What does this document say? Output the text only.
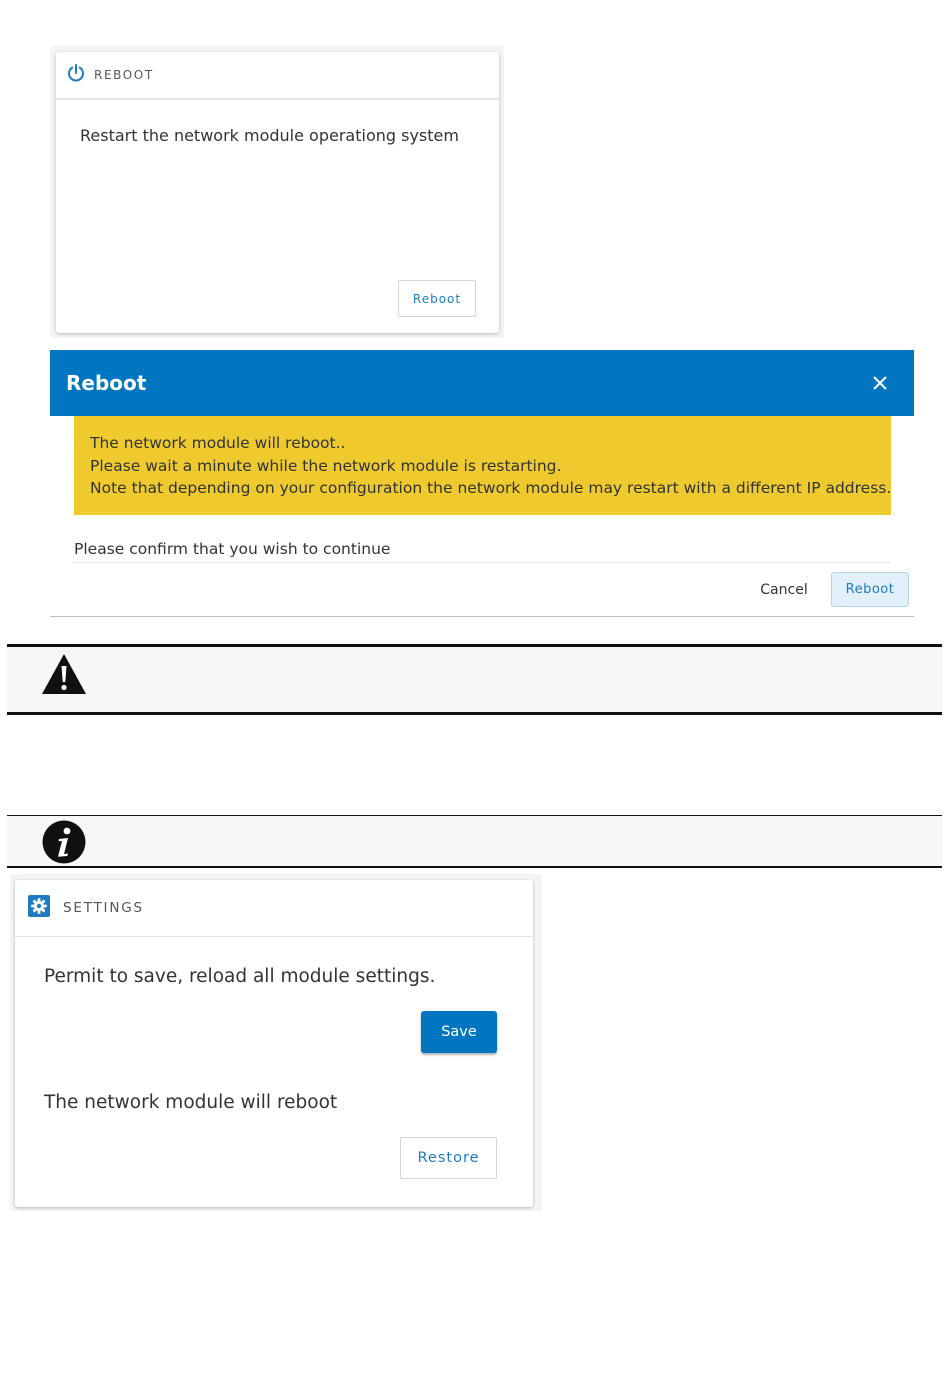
REBOOT
Restart the network module operationg system
Reboot
Reboot
The network module will reboot..
Please wait a minute while the network module is restarting.
Note that depending on your configuration the network module may restart with a different IP address.
Please confirm that you wish to continue
Cancel	Reboot
SETTINGS
Permit to save, reload all module settings.
Save
The network module will reboot
Restore
